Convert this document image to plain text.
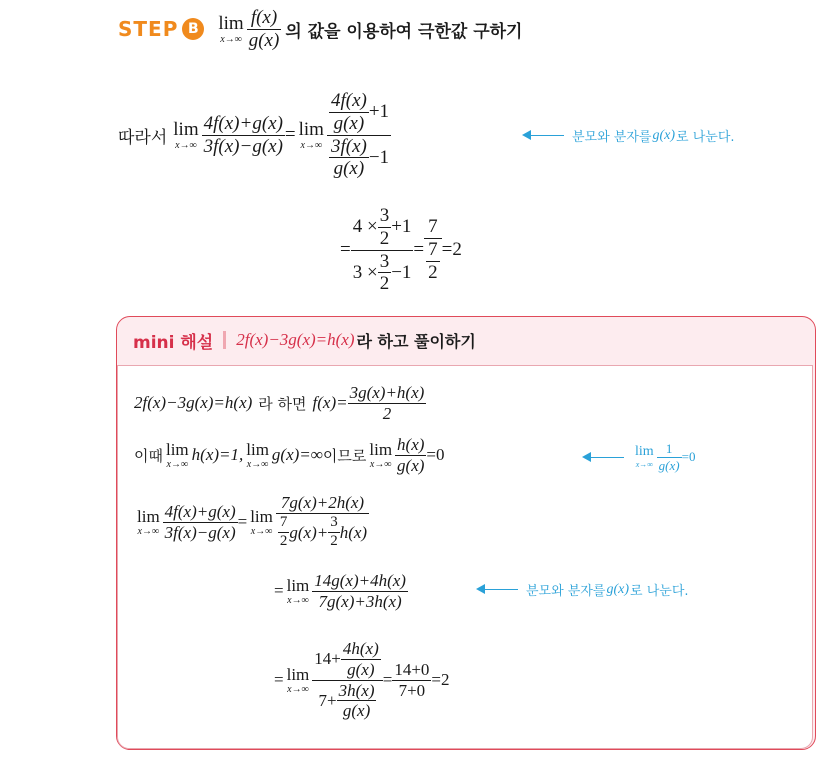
STEP B lim
$x\to\infty \frac{f(x)}{g(x)}$ 의 값을 이용하여 극한값 구하기
따라서 lim
$x\to\infty \frac{4f(x)+g(x)}{3f(x)-g(x)} = \lim$
$x\to\infty \frac{\frac{4f(x)}{g(x)} +1}{\frac{3f(x)}{g(x)} -1}$	분모와 분자를 g(x) 로 나눈다.
= $\frac{4 \times \frac{3}{2} +1}{3 \times \frac{3}{2} -1} = \frac{7}{\frac{7}{2}} =2$
mini 해설 2f(x)−3g(x)=h(x) 라 하고 풀이하기
2f(x)−3g(x)=h(x) 라 하면 $f(x)= \frac{3g(x)+h(x)}{2}$
이때 lim
x→∞ h(x)=1, lim
x→∞ g(x)=∞ 이므로 lim
$x\to\infty \frac{h(x)}{g(x)} =0$	lim
$x\to\infty \frac{1}{g(x)} =0$
lim
$x\to\infty \frac{4f(x)+g(x)}{3f(x)-g(x)} = \lim$
$x\to\infty \frac{7g(x)+2h(x)}{\frac{7}{2} g(x)+ \frac{3}{2} h(x)}$
= lim
$x\to\infty \frac{14g(x)+4h(x)}{7g(x)+3h(x)}$	분모와 분자를 g(x) 로 나눈다.
= lim
$x\to\infty \frac{14+ \frac{4h(x)}{g(x)}}{7+ \frac{3h(x)}{g(x)}} = \frac{14+0}{7+0} =2$
